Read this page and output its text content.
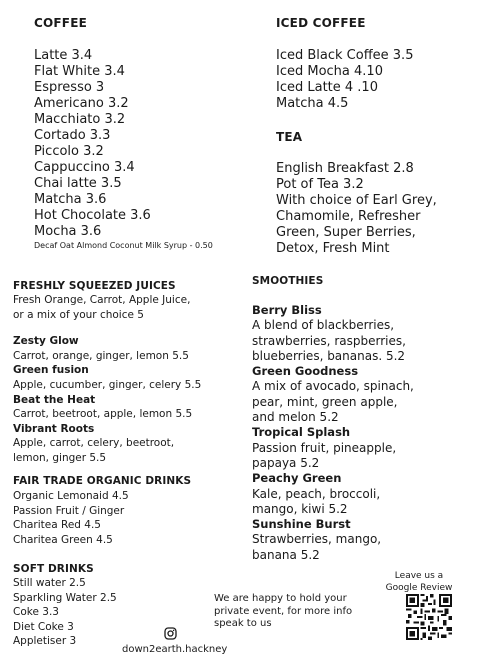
COFFEE
Latte 3.4
Flat White 3.4
Espresso 3
Americano 3.2
Macchiato 3.2
Cortado 3.3
Piccolo 3.2
Cappuccino 3.4
Chai latte 3.5
Matcha 3.6
Hot Chocolate 3.6
Mocha 3.6
Decaf Oat Almond Coconut Milk Syrup - 0.50
ICED COFFEE
Iced Black Coffee 3.5
Iced Mocha 4.10
Iced Latte 4 .10
Matcha 4.5
TEA
English Breakfast 2.8
Pot of Tea 3.2
With choice of Earl Grey,
Chamomile, Refresher
Green, Super Berries,
Detox, Fresh Mint
FRESHLY SQUEEZED JUICES
Fresh Orange, Carrot, Apple Juice,
or a mix of your choice 5
Zesty Glow
Carrot, orange, ginger, lemon 5.5
Green fusion
Apple, cucumber, ginger, celery 5.5
Beat the Heat
Carrot, beetroot, apple, lemon 5.5
Vibrant Roots
Apple, carrot, celery, beetroot,
lemon, ginger 5.5
FAIR TRADE ORGANIC DRINKS
Organic Lemonaid 4.5
Passion Fruit / Ginger
Charitea Red 4.5
Charitea Green 4.5
SOFT DRINKS
Still water 2.5
Sparkling Water 2.5
Coke 3.3
Diet Coke 3
Appletiser 3
SMOOTHIES
Berry Bliss
A blend of blackberries,
strawberries, raspberries,
blueberries, bananas. 5.2
Green Goodness
A mix of avocado, spinach,
pear, mint, green apple,
and melon 5.2
Tropical Splash
Passion fruit, pineapple,
papaya 5.2
Peachy Green
Kale, peach, broccoli,
mango, kiwi 5.2
Sunshine Burst
Strawberries, mango,
banana 5.2
We are happy to hold your
private event, for more info
speak to us
down2earth.hackney
Leave us a
Google Review
